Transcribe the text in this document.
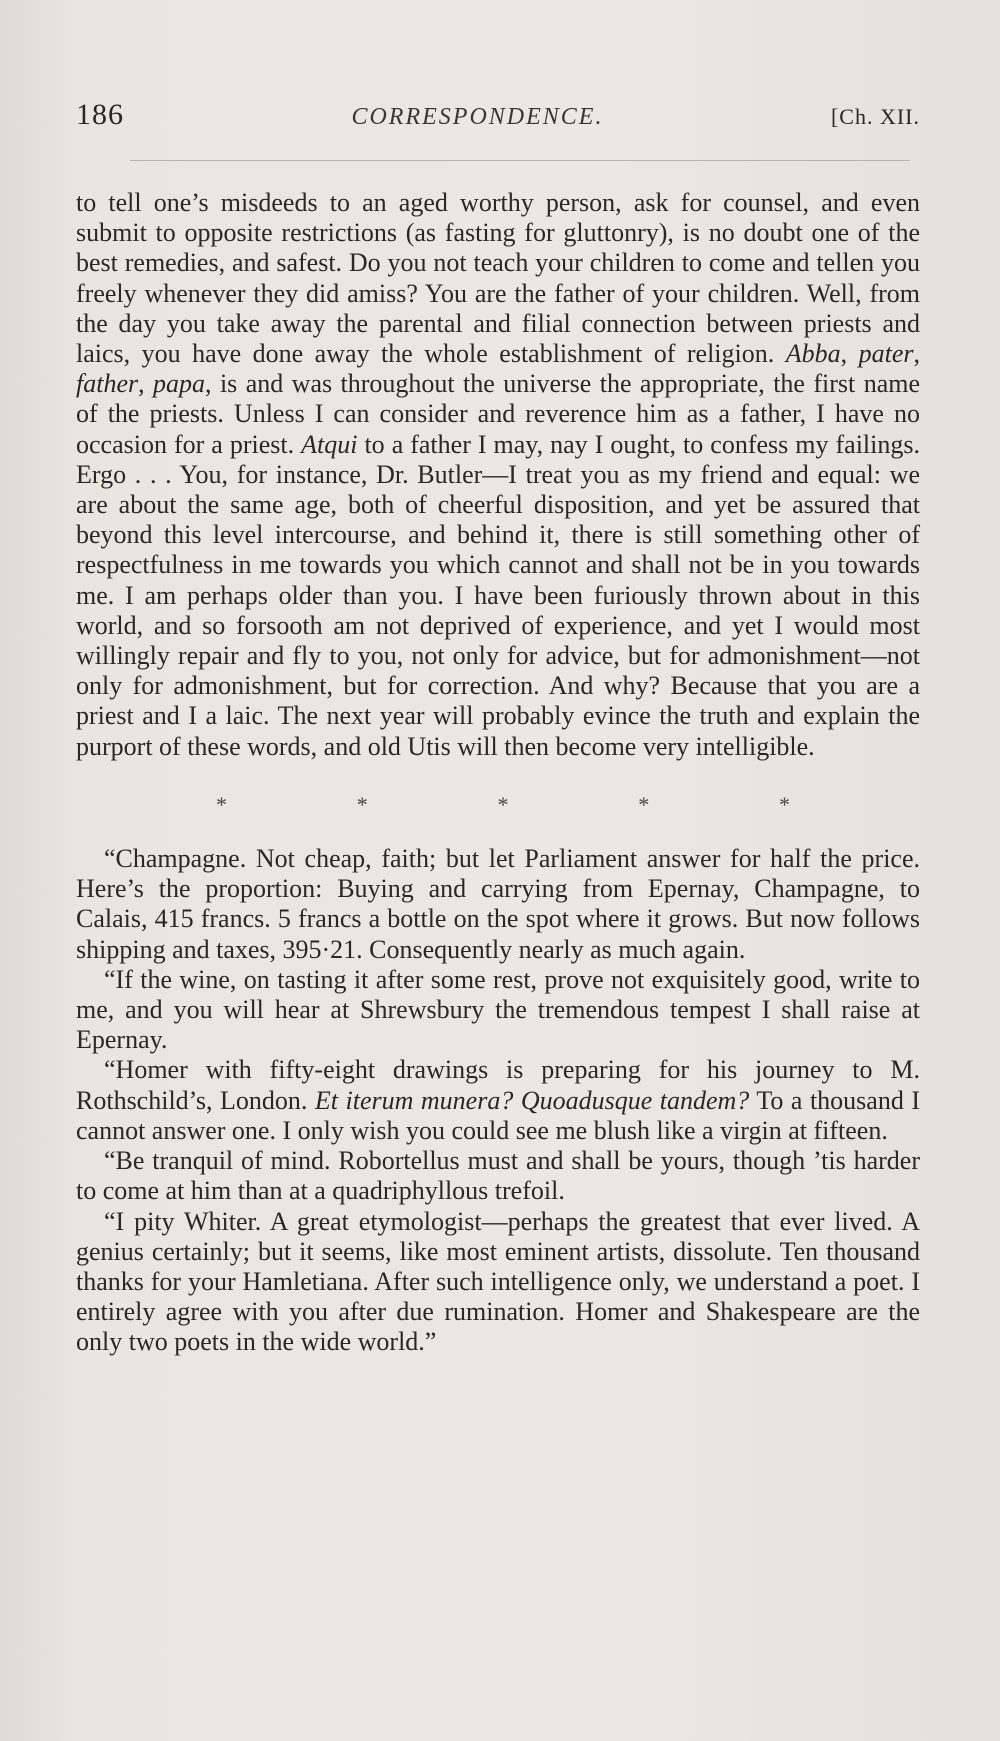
186	CORRESPONDENCE.	[Ch. XII.

to tell one’s misdeeds to an aged worthy person, ask for counsel, and even submit to opposite restrictions (as fasting for gluttonry), is no doubt one of the best remedies, and safest. Do you not teach your children to come and tellen you freely whenever they did amiss? You are the father of your children. Well, from the day you take away the parental and filial connection between priests and laics, you have done away the whole establishment of religion. Abba, pater, father, papa, is and was throughout the universe the appropriate, the first name of the priests. Unless I can consider and reverence him as a father, I have no occasion for a priest. Atqui to a father I may, nay I ought, to confess my failings. Ergo . . . You, for instance, Dr. Butler—I treat you as my friend and equal: we are about the same age, both of cheerful disposition, and yet be assured that beyond this level intercourse, and behind it, there is still something other of respectfulness in me towards you which cannot and shall not be in you towards me. I am perhaps older than you. I have been furiously thrown about in this world, and so forsooth am not deprived of experience, and yet I would most willingly repair and fly to you, not only for advice, but for admonishment—not only for admonishment, but for correction. And why? Because that you are a priest and I a laic. The next year will probably evince the truth and explain the purport of these words, and old Utis will then become very intelligible.

*	*	*	*	*

“Champagne. Not cheap, faith; but let Parliament answer for half the price. Here’s the proportion: Buying and carrying from Epernay, Champagne, to Calais, 415 francs. 5 francs a bottle on the spot where it grows. But now follows shipping and taxes, 395·21. Consequently nearly as much again.

“If the wine, on tasting it after some rest, prove not exquisitely good, write to me, and you will hear at Shrewsbury the tremendous tempest I shall raise at Epernay.

“Homer with fifty-eight drawings is preparing for his journey to M. Rothschild’s, London. Et iterum munera? Quoadusque tandem? To a thousand I cannot answer one. I only wish you could see me blush like a virgin at fifteen.

“Be tranquil of mind. Robortellus must and shall be yours, though ’tis harder to come at him than at a quadriphyllous trefoil.

“I pity Whiter. A great etymologist—perhaps the greatest that ever lived. A genius certainly; but it seems, like most eminent artists, dissolute. Ten thousand thanks for your Hamletiana. After such intelligence only, we understand a poet. I entirely agree with you after due rumination. Homer and Shakespeare are the only two poets in the wide world.”
